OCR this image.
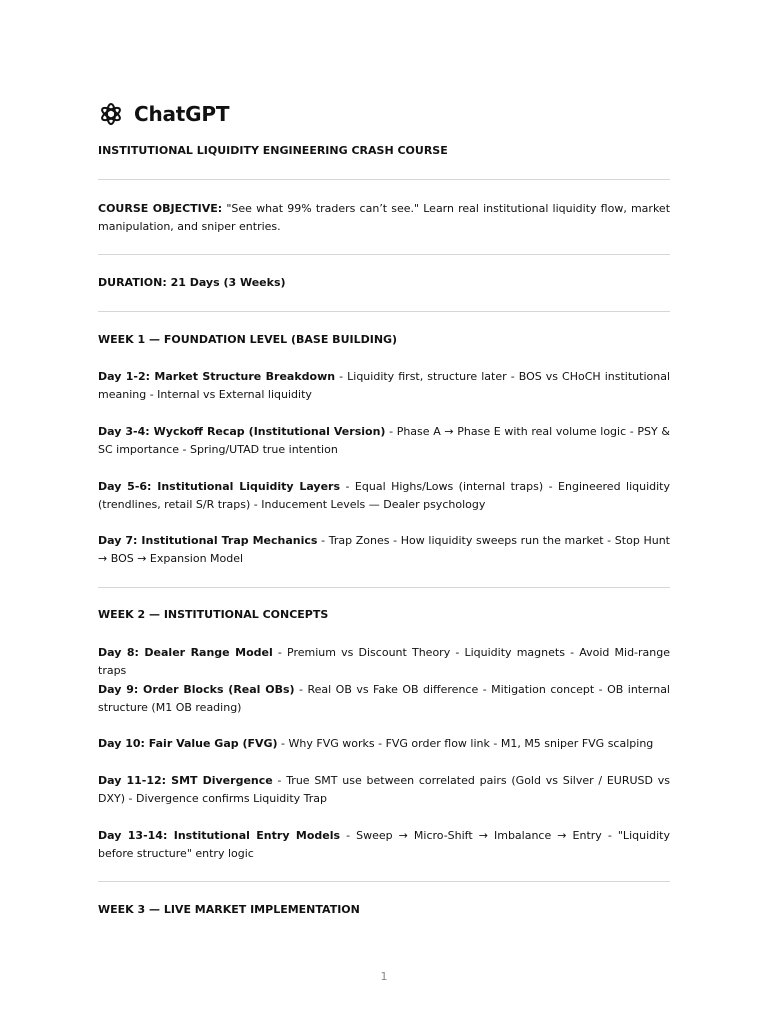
ChatGPT
INSTITUTIONAL LIQUIDITY ENGINEERING CRASH COURSE
COURSE OBJECTIVE: "See what 99% traders can’t see." Learn real institutional liquidity flow, market manipulation, and sniper entries.
DURATION: 21 Days (3 Weeks)
WEEK 1 — FOUNDATION LEVEL (BASE BUILDING)
Day 1-2: Market Structure Breakdown - Liquidity first, structure later - BOS vs CHoCH institutional meaning - Internal vs External liquidity
Day 3-4: Wyckoff Recap (Institutional Version) - Phase A → Phase E with real volume logic - PSY & SC importance - Spring/UTAD true intention
Day 5-6: Institutional Liquidity Layers - Equal Highs/Lows (internal traps) - Engineered liquidity (trendlines, retail S/R traps) - Inducement Levels — Dealer psychology
Day 7: Institutional Trap Mechanics - Trap Zones - How liquidity sweeps run the market - Stop Hunt → BOS → Expansion Model
WEEK 2 — INSTITUTIONAL CONCEPTS
Day 8: Dealer Range Model - Premium vs Discount Theory - Liquidity magnets - Avoid Mid-range traps
Day 9: Order Blocks (Real OBs) - Real OB vs Fake OB difference - Mitigation concept - OB internal structure (M1 OB reading)
Day 10: Fair Value Gap (FVG) - Why FVG works - FVG order flow link - M1, M5 sniper FVG scalping
Day 11-12: SMT Divergence - True SMT use between correlated pairs (Gold vs Silver / EURUSD vs DXY) - Divergence confirms Liquidity Trap
Day 13-14: Institutional Entry Models - Sweep → Micro-Shift → Imbalance → Entry - "Liquidity before structure" entry logic
WEEK 3 — LIVE MARKET IMPLEMENTATION
1
